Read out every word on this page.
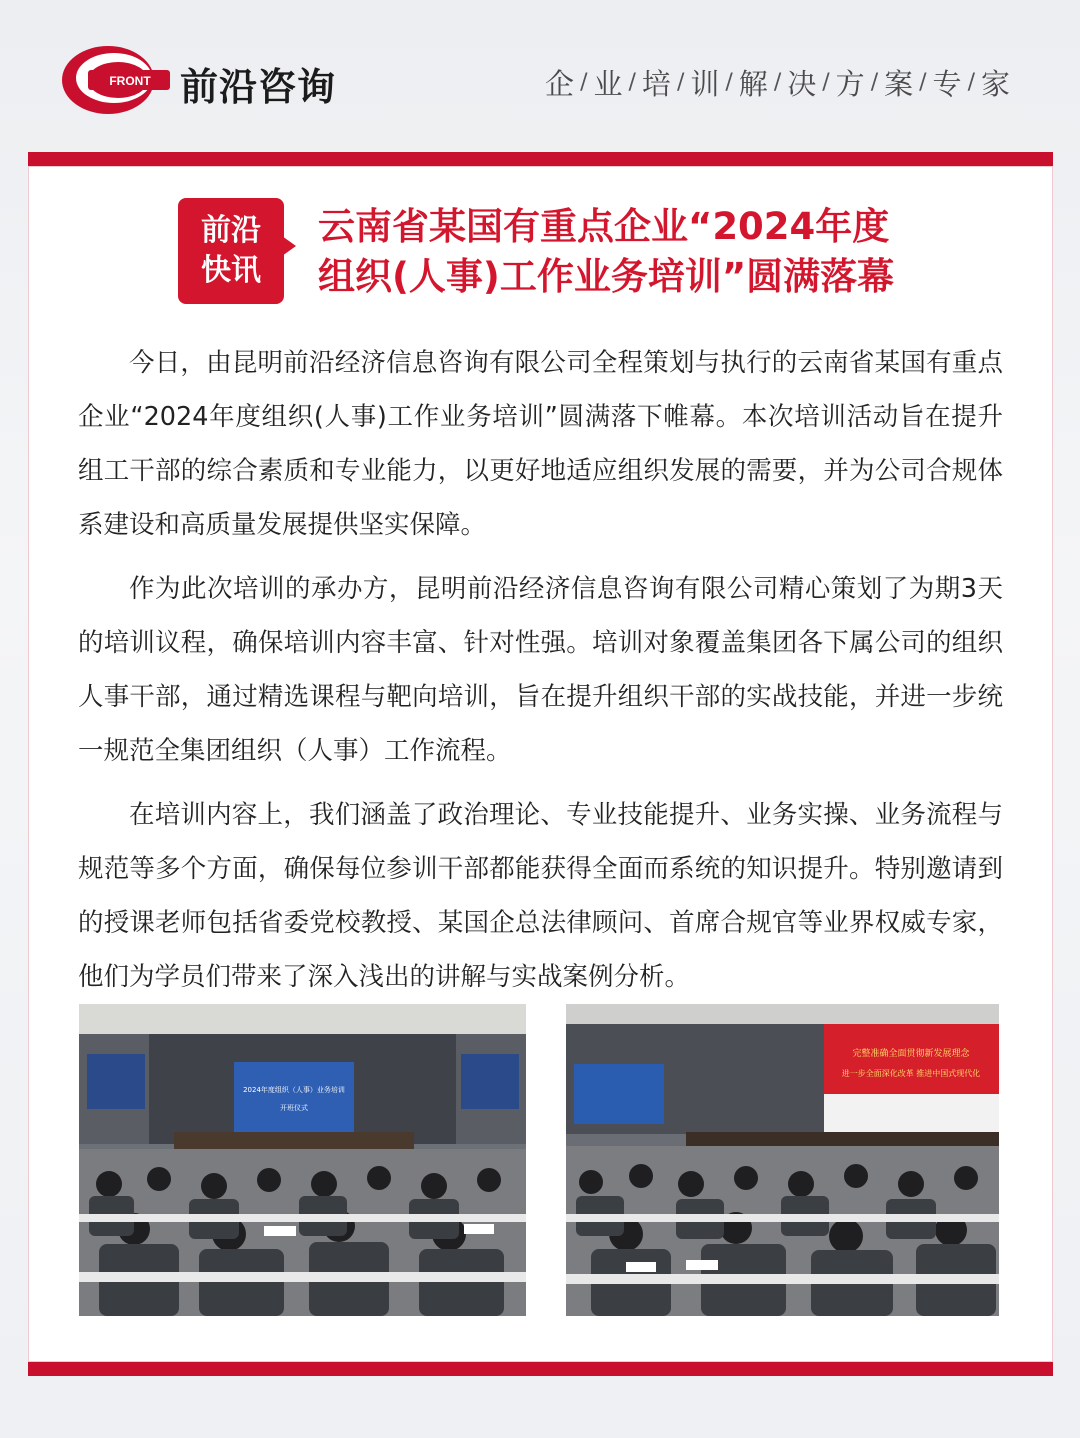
FRONT 前沿咨询	企 / 业 / 培 / 训 / 解 / 决 / 方 / 案 / 专 / 家
前沿
快讯
云南省某国有重点企业“2024年度
组织(人事)工作业务培训”圆满落幕

今日，由昆明前沿经济信息咨询有限公司全程策划与执行的云南省某国有重点企业“2024年度组织(人事)工作业务培训”圆满落下帷幕。本次培训活动旨在提升组工干部的综合素质和专业能力，以更好地适应组织发展的需要，并为公司合规体系建设和高质量发展提供坚实保障。

作为此次培训的承办方，昆明前沿经济信息咨询有限公司精心策划了为期3天的培训议程，确保培训内容丰富、针对性强。培训对象覆盖集团各下属公司的组织人事干部，通过精选课程与靶向培训，旨在提升组织干部的实战技能，并进一步统一规范全集团组织（人事）工作流程。

在培训内容上，我们涵盖了政治理论、专业技能提升、业务实操、业务流程与规范等多个方面，确保每位参训干部都能获得全面而系统的知识提升。特别邀请到的授课老师包括省委党校教授、某国企总法律顾问、首席合规官等业界权威专家，他们为学员们带来了深入浅出的讲解与实战案例分析。

2024年度组织（人事）业务培训
开班仪式
完整准确全面贯彻新发展理念
进一步全面深化改革 推进中国式现代化
